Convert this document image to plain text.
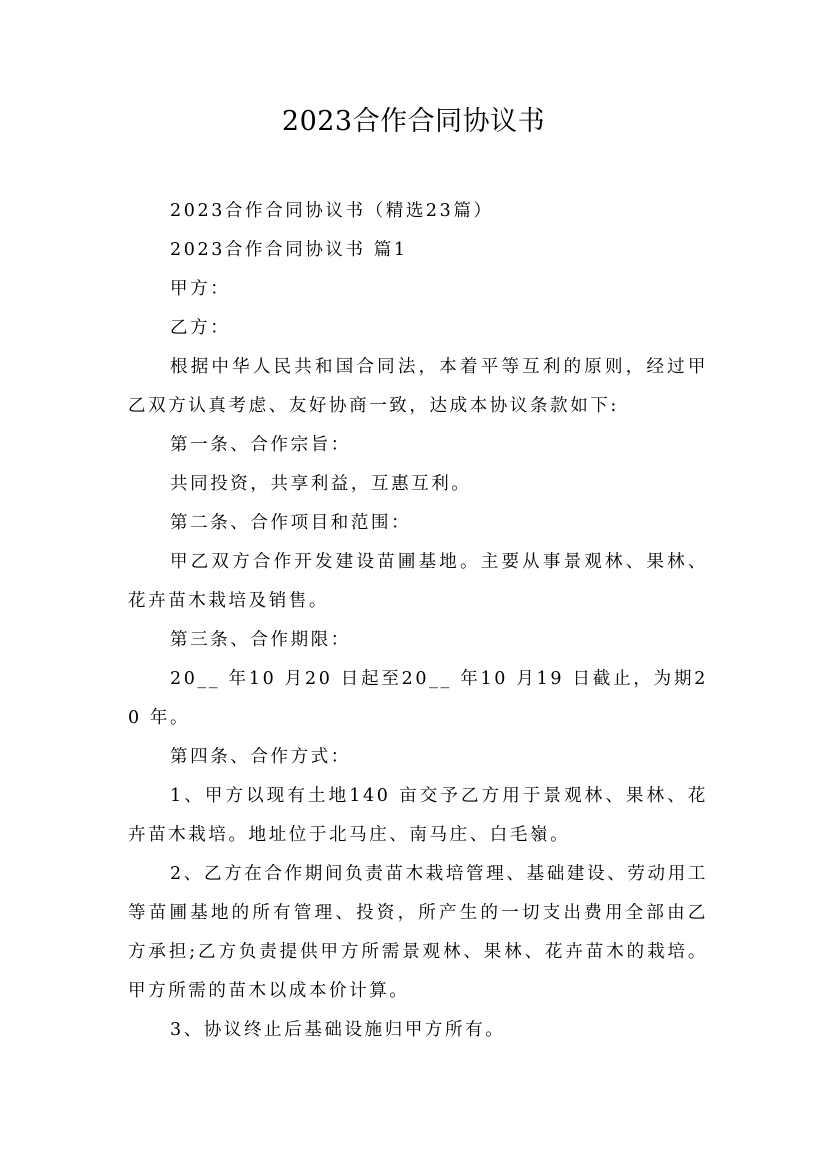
2023合作合同协议书

2023合作合同协议书（精选23篇）

2023合作合同协议书 篇1

甲方：

乙方：

根据中华人民共和国合同法，本着平等互利的原则，经过甲乙双方认真考虑、友好协商一致，达成本协议条款如下:

第一条、合作宗旨：

共同投资，共享利益，互惠互利。

第二条、合作项目和范围：

甲乙双方合作开发建设苗圃基地。主要从事景观林、果林、花卉苗木栽培及销售。

第三条、合作期限：

20__ 年10 月20 日起至20__ 年10 月19 日截止，为期20 年。

第四条、合作方式：

1、甲方以现有土地140 亩交予乙方用于景观林、果林、花卉苗木栽培。地址位于北马庄、南马庄、白毛嶺。

2、乙方在合作期间负责苗木栽培管理、基础建设、劳动用工等苗圃基地的所有管理、投资，所产生的一切支出费用全部由乙方承担;乙方负责提供甲方所需景观林、果林、花卉苗木的栽培。甲方所需的苗木以成本价计算。

3、协议终止后基础设施归甲方所有。
